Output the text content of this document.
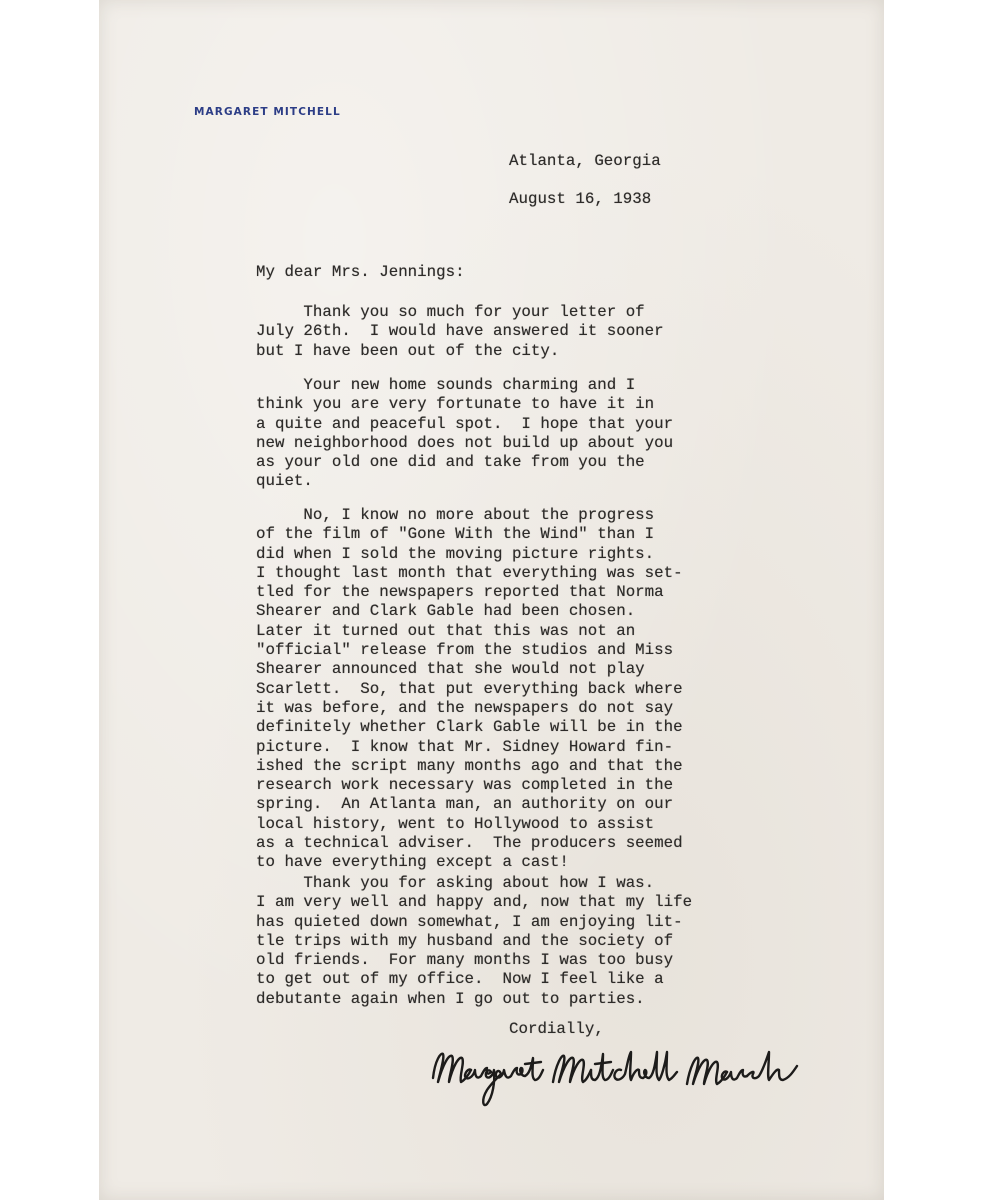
MARGARET MITCHELL
Atlanta, Georgia
August 16, 1938
My dear Mrs. Jennings:
Thank you so much for your letter of
July 26th.  I would have answered it sooner
but I have been out of the city.
Your new home sounds charming and I
think you are very fortunate to have it in
a quite and peaceful spot.  I hope that your
new neighborhood does not build up about you
as your old one did and take from you the
quiet.
No, I know no more about the progress
of the film of "Gone With the Wind" than I
did when I sold the moving picture rights.
I thought last month that everything was set-
tled for the newspapers reported that Norma
Shearer and Clark Gable had been chosen.
Later it turned out that this was not an
"official" release from the studios and Miss
Shearer announced that she would not play
Scarlett.  So, that put everything back where
it was before, and the newspapers do not say
definitely whether Clark Gable will be in the
picture.  I know that Mr. Sidney Howard fin-
ished the script many months ago and that the
research work necessary was completed in the
spring.  An Atlanta man, an authority on our
local history, went to Hollywood to assist
as a technical adviser.  The producers seemed
to have everything except a cast!
Thank you for asking about how I was.
I am very well and happy and, now that my life
has quieted down somewhat, I am enjoying lit-
tle trips with my husband and the society of
old friends.  For many months I was too busy
to get out of my office.  Now I feel like a
debutante again when I go out to parties.
Cordially,
